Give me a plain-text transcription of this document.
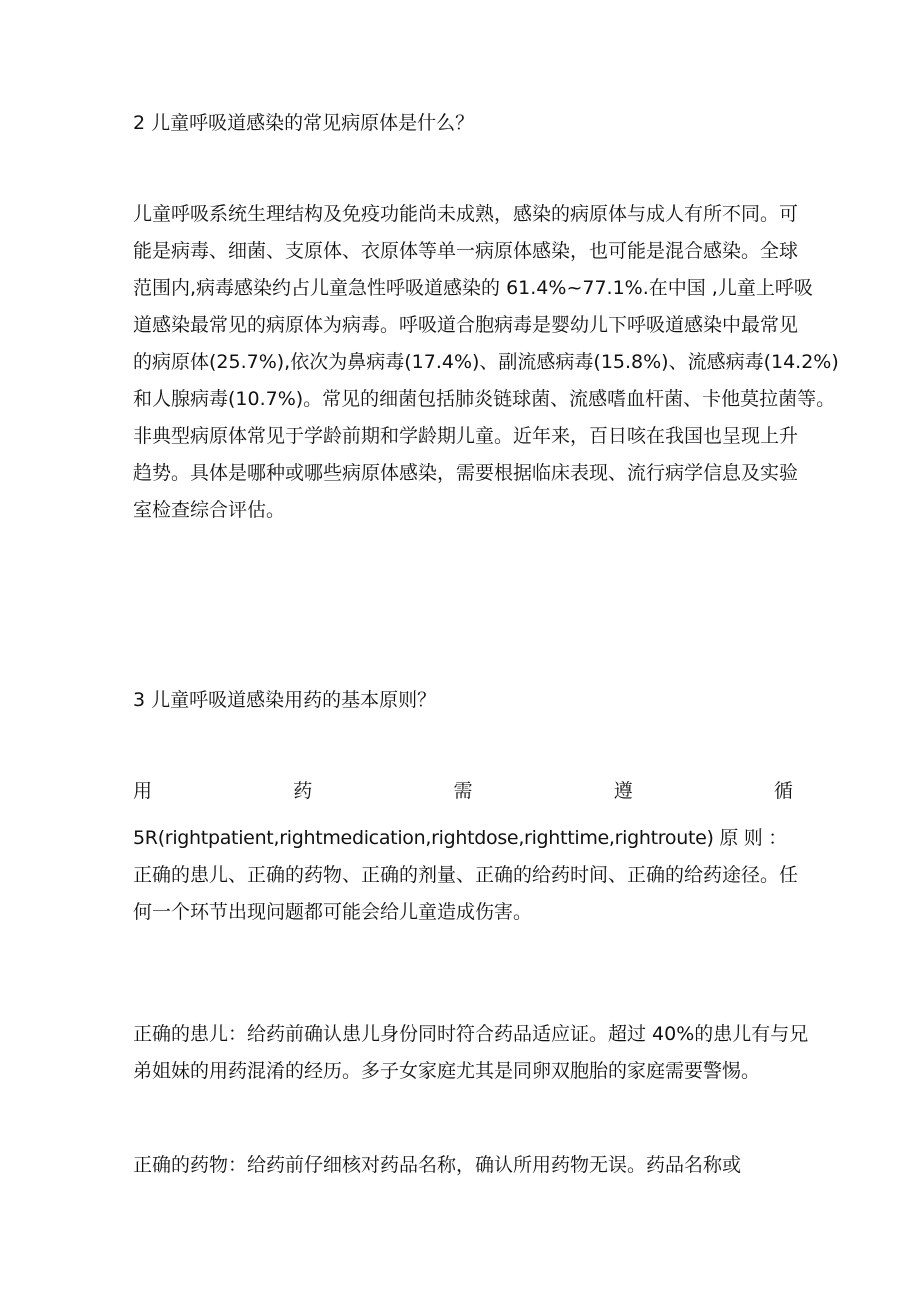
2 儿童呼吸道感染的常见病原体是什么？
儿童呼吸系统生理结构及免疫功能尚未成熟，感染的病原体与成人有所不同。可
能是病毒、细菌、支原体、衣原体等单一病原体感染，也可能是混合感染。全球
范围内,病毒感染约占儿童急性呼吸道感染的 61.4%~77.1%.在中国 ,儿童上呼吸
道感染最常见的病原体为病毒。呼吸道合胞病毒是婴幼儿下呼吸道感染中最常见
的病原体(25.7%),依次为鼻病毒(17.4%)、副流感病毒(15.8%)、流感病毒(14.2%)
和人腺病毒(10.7%)。常见的细菌包括肺炎链球菌、流感嗜血杆菌、卡他莫拉菌等。
非典型病原体常见于学龄前期和学龄期儿童。近年来，百日咳在我国也呈现上升
趋势。具体是哪种或哪些病原体感染，需要根据临床表现、流行病学信息及实验
室检查综合评估。
3 儿童呼吸道感染用药的基本原则？
用	药	需	遵	循
5R(rightpatient,rightmedication,rightdose,righttime,rightroute) 原 则 ：
正确的患儿、正确的药物、正确的剂量、正确的给药时间、正确的给药途径。任
何一个环节出现问题都可能会给儿童造成伤害。
正确的患儿：给药前确认患儿身份同时符合药品适应证。超过 40%的患儿有与兄
弟姐妹的用药混淆的经历。多子女家庭尤其是同卵双胞胎的家庭需要警惕。
正确的药物：给药前仔细核对药品名称，确认所用药物无误。药品名称或
